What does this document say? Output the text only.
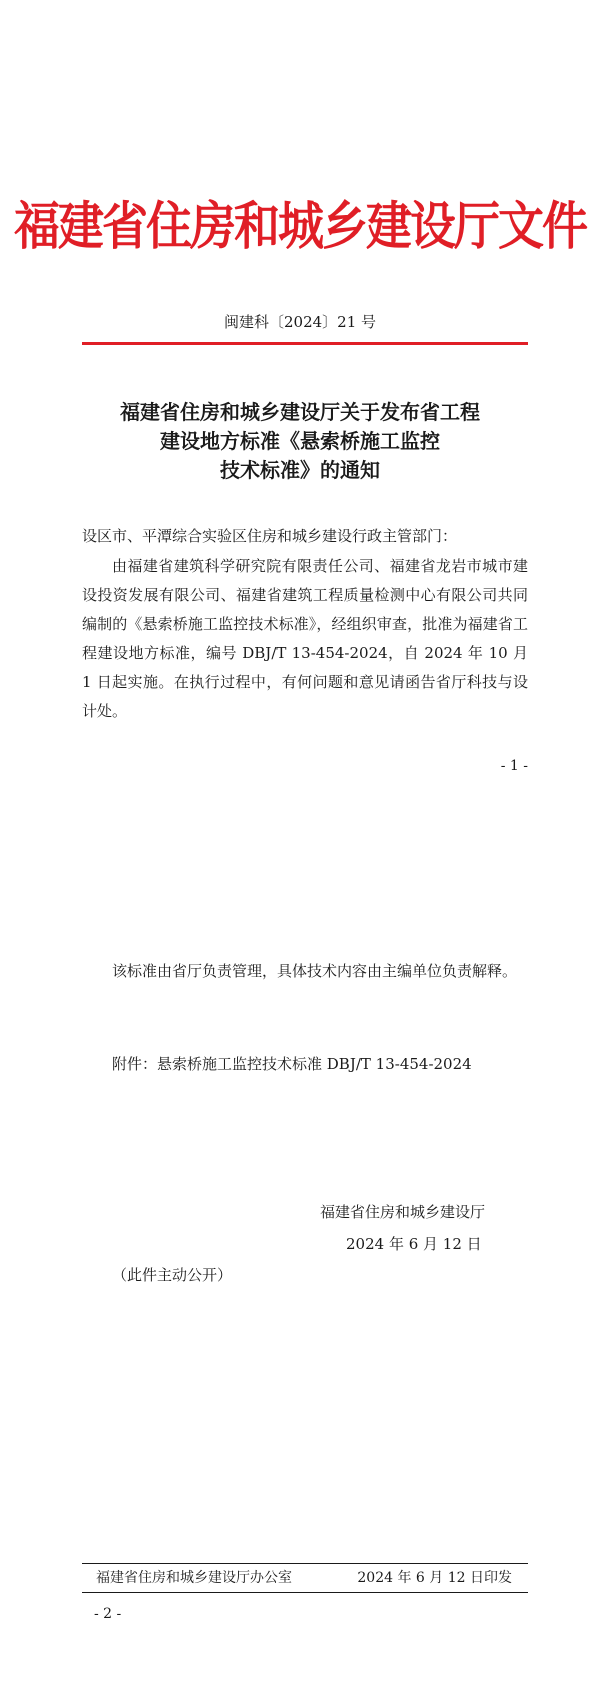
福建省住房和城乡建设厅文件
闽建科〔2024〕21 号
福建省住房和城乡建设厅关于发布省工程
建设地方标准《悬索桥施工监控
技术标准》的通知
设区市、平潭综合实验区住房和城乡建设行政主管部门：
由福建省建筑科学研究院有限责任公司、福建省龙岩市城市建设投资发展有限公司、福建省建筑工程质量检测中心有限公司共同编制的《悬索桥施工监控技术标准》，经组织审查，批准为福建省工程建设地方标准，编号 DBJ/T 13-454-2024，自 2024 年 10 月 1 日起实施。在执行过程中，有何问题和意见请函告省厅科技与设计处。
- 1 -
该标准由省厅负责管理，具体技术内容由主编单位负责解释。
附件：悬索桥施工监控技术标准 DBJ/T 13-454-2024
福建省住房和城乡建设厅
2024 年 6 月 12 日
（此件主动公开）
福建省住房和城乡建设厅办公室	2024 年 6 月 12 日印发
- 2 -
